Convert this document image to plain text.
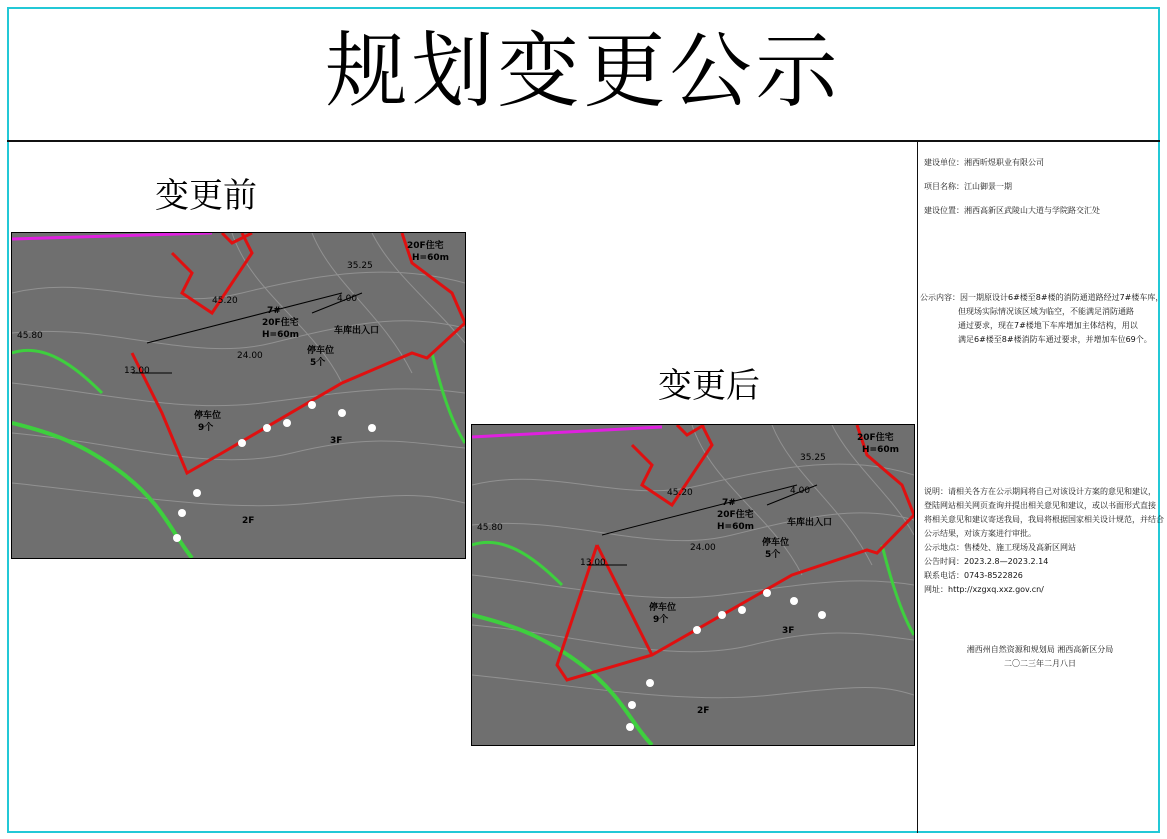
规划变更公示
变更前
变更后
7#
20F住宅
H=60m
停车位
5个
停车位
9个
车库出入口
20F住宅
H=60m
45.20
35.25
4.00
24.00
13.00
45.80
3F
2F
7#
20F住宅
H=60m
停车位
5个
停车位
9个
车库出入口
20F住宅
H=60m
45.20
35.25
4.00
24.00
13.00
45.80
3F
2F
建设单位：湘西昕煜职业有限公司
项目名称：江山御景一期
建设位置：湘西高新区武陵山大道与学院路交汇处
公示内容：因一期原设计6#楼至8#楼的消防通道路经过7#楼车库，
但现场实际情况该区域为临空，不能满足消防通路
通过要求，现在7#楼地下车库增加主体结构，用以
满足6#楼至8#楼消防车通过要求，并增加车位69个。
说明：请相关各方在公示期间将自己对该设计方案的意见和建议，
登陆网站相关网页查询并提出相关意见和建议，或以书面形式直接
将相关意见和建议寄送我局，我局将根据国家相关设计规范，并结合
公示结果，对该方案进行审批。
公示地点：售楼处、施工现场及高新区网站
公告时间：2023.2.8—2023.2.14
联系电话：0743-8522826
网址：http://xzgxq.xxz.gov.cn/
湘西州自然资源和规划局 湘西高新区分局
二〇二三年二月八日
